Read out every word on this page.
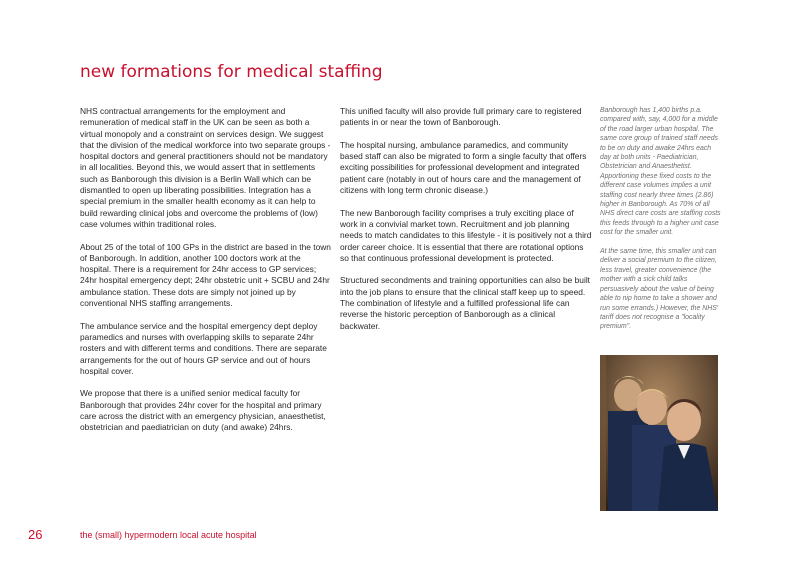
new formations for medical staffing

NHS contractual arrangements for the employment and remuneration of medical staff in the UK can be seen as both a virtual monopoly and a constraint on services design. We suggest that the division of the medical workforce into two separate groups - hospital doctors and general practitioners should not be mandatory in all localities. Beyond this, we would assert that in settlements such as Banborough this division is a Berlin Wall which can be dismantled to open up liberating possibilities. Integration has a special premium in the smaller health economy as it can help to build rewarding clinical jobs and overcome the problems of (low) case volumes within traditional roles.

About 25 of the total of 100 GPs in the district are based in the town of Banborough. In addition, another 100 doctors work at the hospital. There is a requirement for 24hr access to GP services; 24hr hospital emergency dept; 24hr obstetric unit + SCBU and 24hr ambulance station. These dots are simply not joined up by conventional NHS staffing arrangements.

The ambulance service and the hospital emergency dept deploy paramedics and nurses with overlapping skills to separate 24hr rosters and with different terms and conditions. There are separate arrangements for the out of hours GP service and out of hours hospital cover.

We propose that there is a unified senior medical faculty for Banborough that provides 24hr cover for the hospital and primary care across the district with an emergency physician, anaesthetist, obstetrician and paediatrician on duty (and awake) 24hrs.

This unified faculty will also provide full primary care to registered patients in or near the town of Banborough.

The hospital nursing, ambulance paramedics, and community based staff can also be migrated to form a single faculty that offers exciting possibilities for professional development and integrated patient care (notably in out of hours care and the management of citizens with long term chronic disease.)

The new Banborough facility comprises a truly exciting place of work in a convivial market town. Recruitment and job planning needs to match candidates to this lifestyle - it is positively not a third order career choice. It is essential that there are rotational options so that continuous professional development is protected.

Structured secondments and training opportunities can also be built into the job plans to ensure that the clinical staff keep up to speed. The combination of lifestyle and a fulfilled professional life can reverse the historic perception of Banborough as a clinical backwater.

Banborough has 1,400 births p.a. compared with, say, 4,000 for a middle of the road larger urban hospital. The same core group of trained staff needs to be on duty and awake 24hrs each day at both units - Paediatrician, Obstetrician and Anaesthetist. Apportioning these fixed costs to the different case volumes implies a unit staffing cost nearly three times (2.86) higher in Banborough. As 70% of all NHS direct care costs are staffing costs this feeds through to a higher unit case cost for the smaller unit.

At the same time, this smaller unit can deliver a social premium to the citizen, less travel, greater convenience (the mother with a sick child talks persuasively about the value of being able to nip home to take a shower and run some errands.) However, the NHS' tariff does not recognise a "locality premium".

26	the (small) hypermodern local acute hospital
